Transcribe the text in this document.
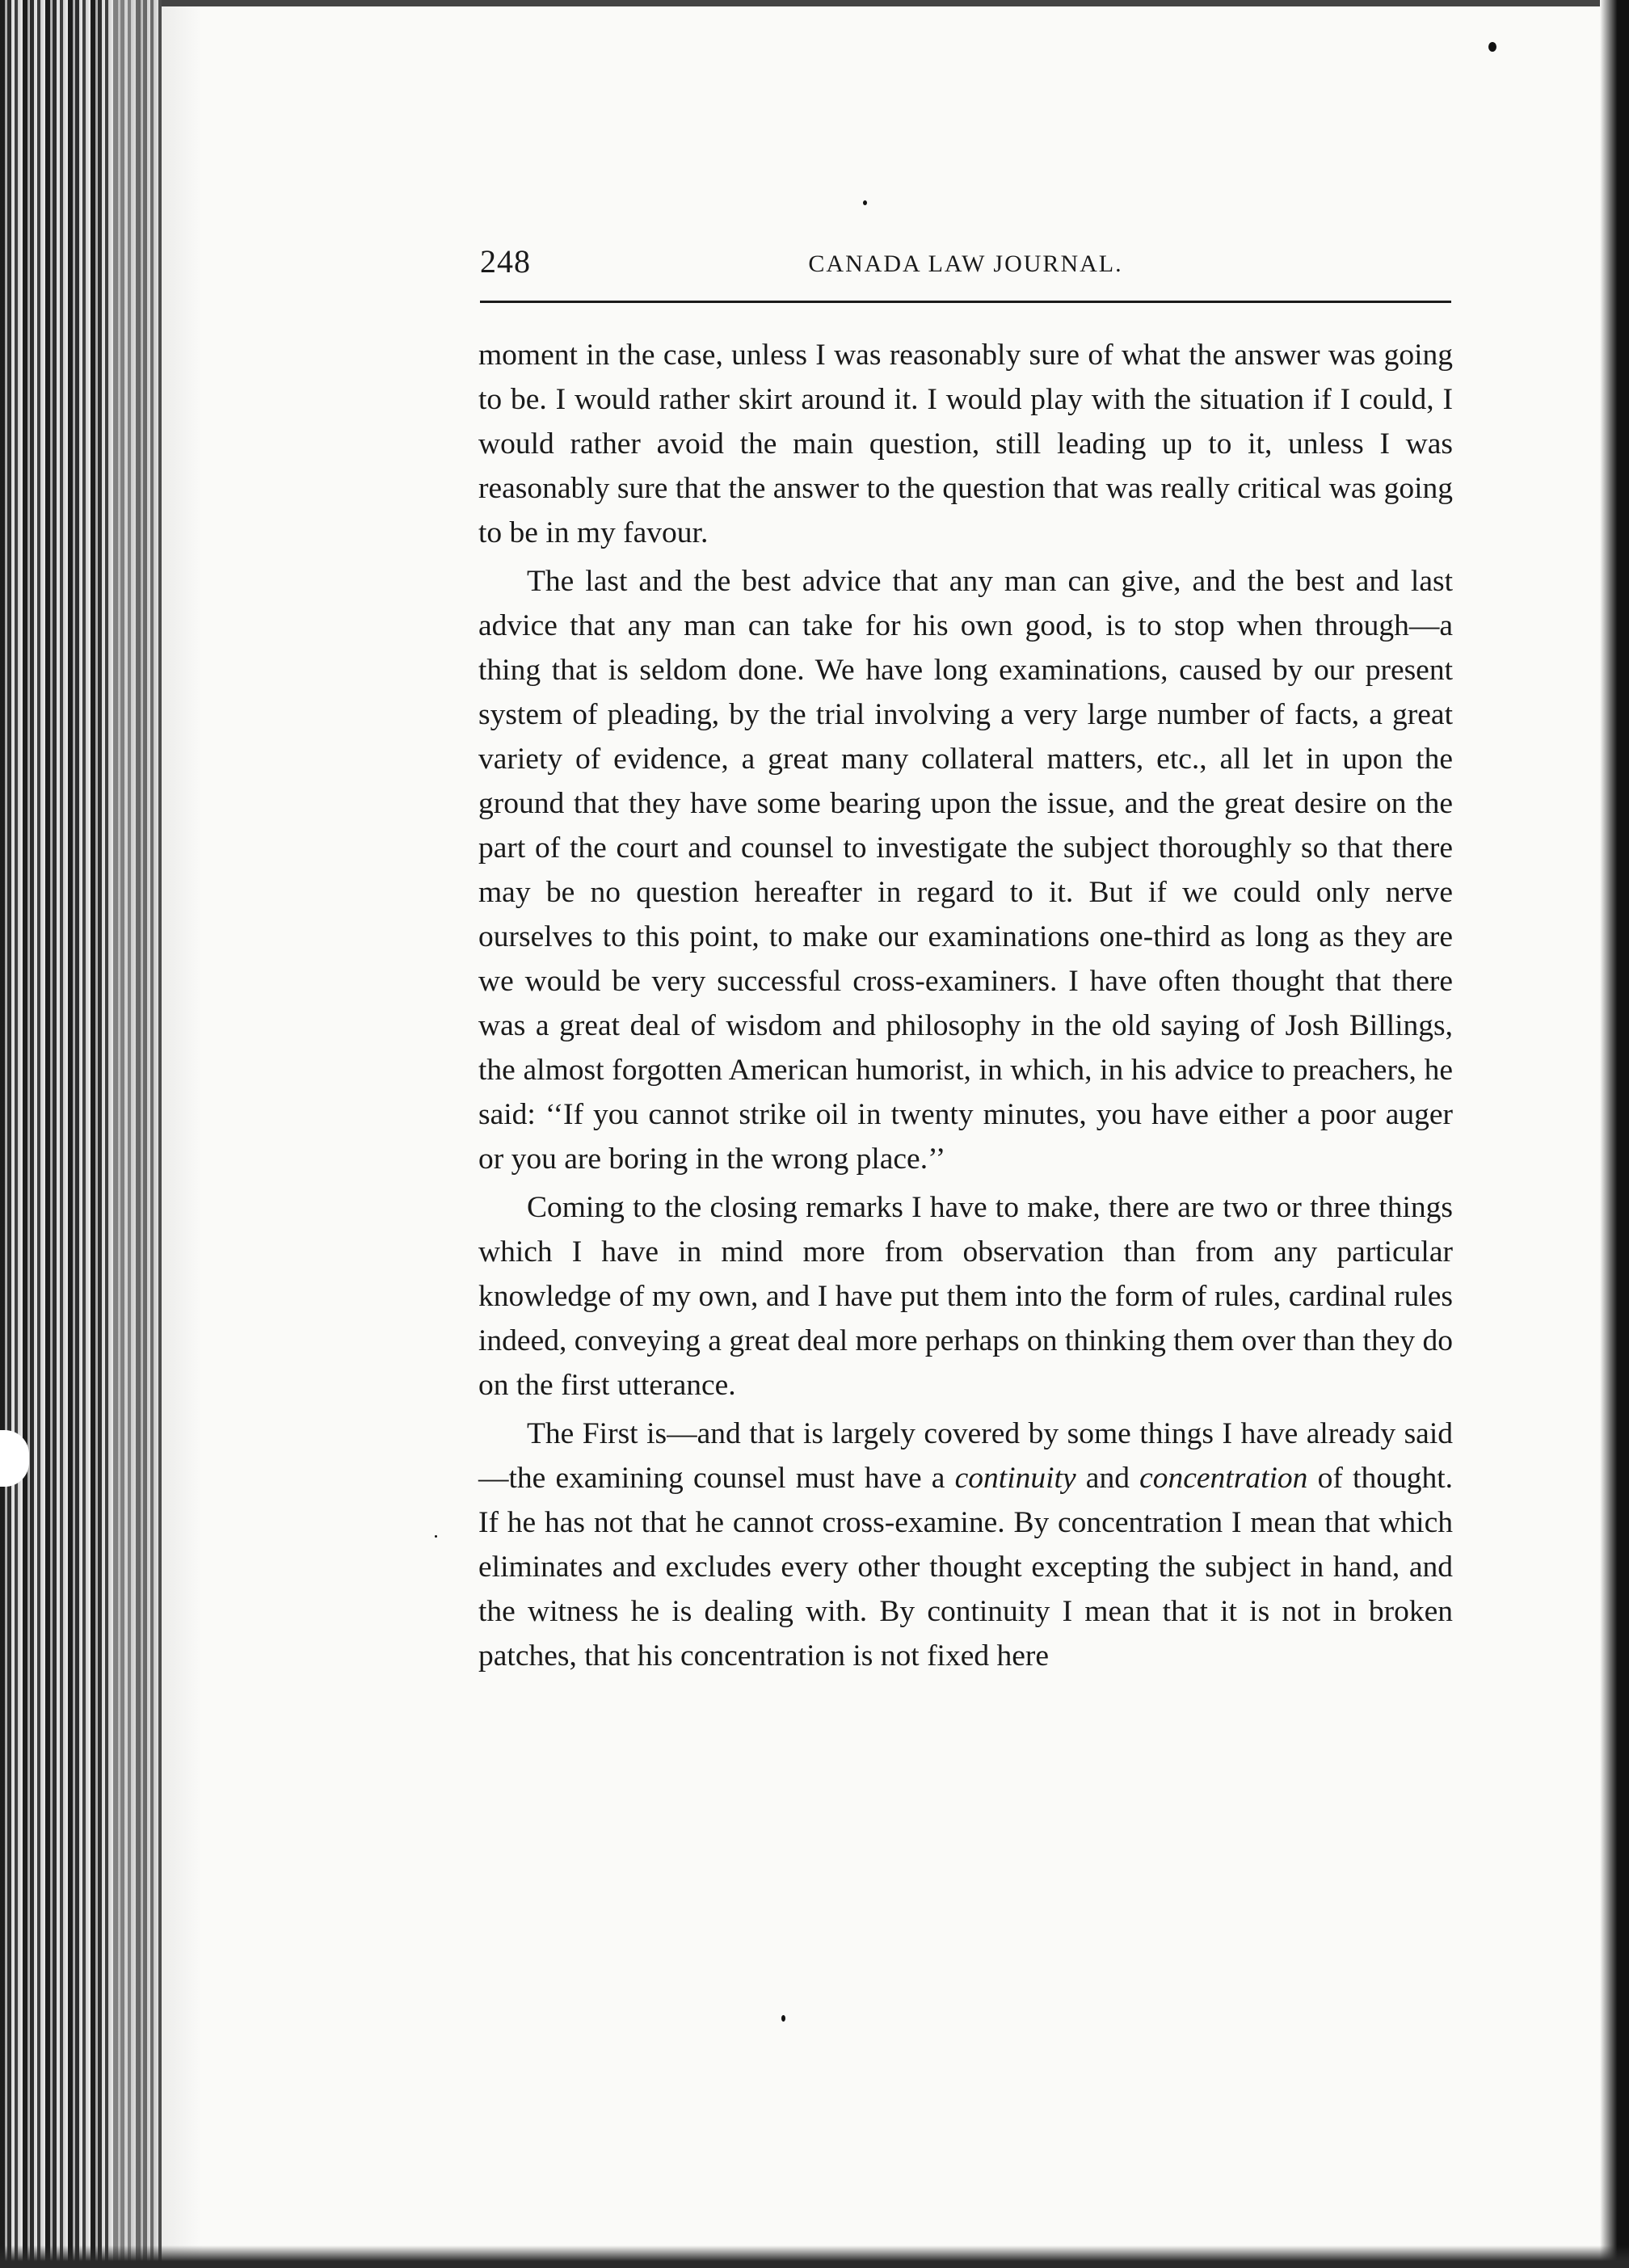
248	CANADA LAW JOURNAL.

moment in the case, unless I was reasonably sure of what the answer was going to be. I would rather skirt around it. I would play with the situation if I could, I would rather avoid the main question, still leading up to it, unless I was reasonably sure that the answer to the question that was really critical was going to be in my favour.

The last and the best advice that any man can give, and the best and last advice that any man can take for his own good, is to stop when through—a thing that is seldom done. We have long examinations, caused by our present system of pleading, by the trial involving a very large number of facts, a great variety of evidence, a great many collateral matters, etc., all let in upon the ground that they have some bearing upon the issue, and the great desire on the part of the court and counsel to investigate the subject thoroughly so that there may be no question hereafter in regard to it. But if we could only nerve ourselves to this point, to make our examinations one-third as long as they are we would be very successful cross-examiners. I have often thought that there was a great deal of wisdom and philosophy in the old saying of Josh Billings, the almost forgotten American humorist, in which, in his advice to preachers, he said: ‘‘If you cannot strike oil in twenty minutes, you have either a poor auger or you are boring in the wrong place.’’

Coming to the closing remarks I have to make, there are two or three things which I have in mind more from observation than from any particular knowledge of my own, and I have put them into the form of rules, cardinal rules indeed, conveying a great deal more perhaps on thinking them over than they do on the first utterance.

The First is—and that is largely covered by some things I have already said—the examining counsel must have a continuity and concentration of thought. If he has not that he cannot cross-examine. By concentration I mean that which eliminates and excludes every other thought excepting the subject in hand, and the witness he is dealing with. By continuity I mean that it is not in broken patches, that his concentration is not fixed here
